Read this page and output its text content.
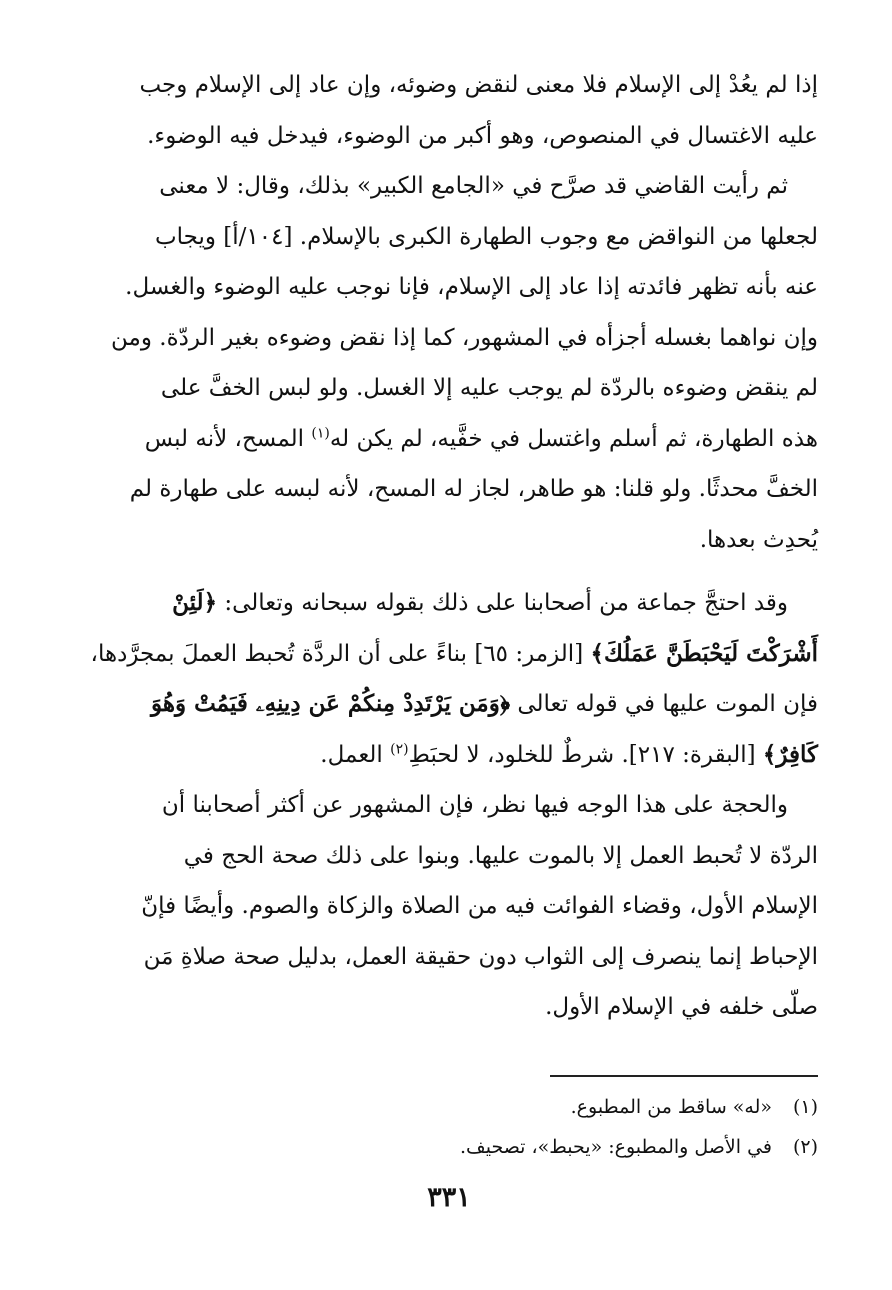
إذا لم يعُدْ إلى الإسلام فلا معنى لنقض وضوئه، وإن عاد إلى الإسلام وجب

عليه الاغتسال في المنصوص، وهو أكبر من الوضوء، فيدخل فيه الوضوء.

ثم رأيت القاضي قد صرَّح في «الجامع الكبير» بذلك، وقال: لا معنى

لجعلها من النواقض مع وجوب الطهارة الكبرى بالإسلام. [١٠٤/أ] ويجاب

عنه بأنه تظهر فائدته إذا عاد إلى الإسلام، فإنا نوجب عليه الوضوء والغسل.

وإن نواهما بغسله أجزأه في المشهور، كما إذا نقض وضوءه بغير الردّة. ومن

لم ينقض وضوءه بالردّة لم يوجب عليه إلا الغسل. ولو لبس الخفَّ على

هذه الطهارة، ثم أسلم واغتسل في خفَّيه، لم يكن له$^{(١)}$ المسح، لأنه لبس

الخفَّ محدثًا. ولو قلنا: هو طاهر، لجاز له المسح، لأنه لبسه على طهارة لم

يُحدِث بعدها.

وقد احتجَّ جماعة من أصحابنا على ذلك بقوله سبحانه وتعالى: ﴿لَئِنْ

أَشْرَكْتَ لَيَحْبَطَنَّ عَمَلُكَ﴾ [الزمر: ٦٥] بناءً على أن الردَّة تُحبط العملَ بمجرَّدها،

فإن الموت عليها في قوله تعالى ﴿وَمَن يَرْتَدِدْ مِنكُمْ عَن دِينِهِۦ فَيَمُتْ وَهُوَ

كَافِرٌ﴾ [البقرة: ٢١٧]. شرطٌ للخلود، لا لحبَطِ$^{(٢)}$ العمل.

والحجة على هذا الوجه فيها نظر، فإن المشهور عن أكثر أصحابنا أن

الردّة لا تُحبط العمل إلا بالموت عليها. وبنوا على ذلك صحة الحج في

الإسلام الأول، وقضاء الفوائت فيه من الصلاة والزكاة والصوم. وأيضًا فإنّ

الإحباط إنما ينصرف إلى الثواب دون حقيقة العمل، بدليل صحة صلاةِ مَن

صلّى خلفه في الإسلام الأول.

(١)
«له» ساقط من المطبوع.
(٢)
في الأصل والمطبوع: «يحبط»، تصحيف.
٣٣١
